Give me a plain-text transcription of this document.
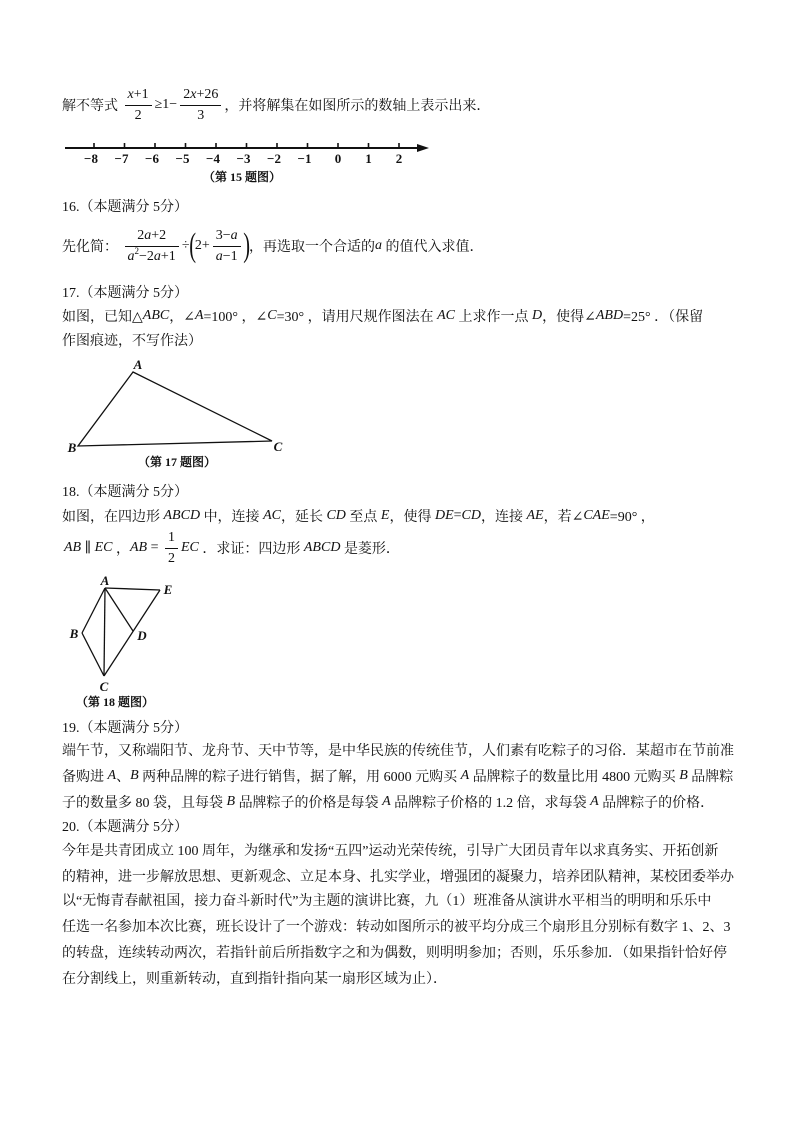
解不等式 $\frac{x+1}{2} \ge 1- \frac{2x+26}{3}$ ，并将解集在如图所示的数轴上表示出来．
−8 −7 −6 −5 −4 −3 −2 −1 0 1 2
（第 15 题图）
16.（本题满分 5分）
先化简： $\frac{2a+2}{a^2-2a+1}$ ÷ ( $2+ \frac{3-a}{a-1}$ ) ，再选取一个合适的 a 的值代入求值．
17.（本题满分 5分）
如图，已知△ ABC ，∠ A =100° ，∠ C =30° ，请用尺规作图法在 AC 上求作一点 D ，使得∠ ABD =25° ．（保留
作图痕迹，不写作法）
A
B	C
（第 17 题图）
18.（本题满分 5分）
如图，在四边形 ABCD 中，连接 AC ，延长 CD 至点 E ，使得 DE = CD ，连接 AE ，若∠ CAE =90° ，
AB ∥ EC ， AB = $\frac{1}{2}$ EC ．求证：四边形 ABCD 是菱形．
A
E
B	D
C
（第 18 题图）
19.（本题满分 5分）
端午节，又称端阳节、龙舟节、天中节等，是中华民族的传统佳节，人们素有吃粽子的习俗．某超市在节前准
备购进 A 、 B 两种品牌的粽子进行销售，据了解，用 6000 元购买 A 品牌粽子的数量比用 4800 元购买 B 品牌粽
子的数量多 80 袋，且每袋 B 品牌粽子的价格是每袋 A 品牌粽子价格的 1.2 倍，求每袋 A 品牌粽子的价格．
20.（本题满分 5分）
今年是共青团成立 100 周年，为继承和发扬“五四”运动光荣传统，引导广大团员青年以求真务实、开拓创新
的精神，进一步解放思想、更新观念、立足本身、扎实学业，增强团的凝聚力，培养团队精神，某校团委举办
以“无悔青春献祖国，接力奋斗新时代”为主题的演讲比赛，九（1）班准备从演讲水平相当的明明和乐乐中
任选一名参加本次比赛，班长设计了一个游戏：转动如图所示的被平均分成三个扇形且分别标有数字 1、2、3
的转盘，连续转动两次，若指针前后所指数字之和为偶数，则明明参加；否则，乐乐参加．（如果指针恰好停
在分割线上，则重新转动，直到指针指向某一扇形区域为止）．
